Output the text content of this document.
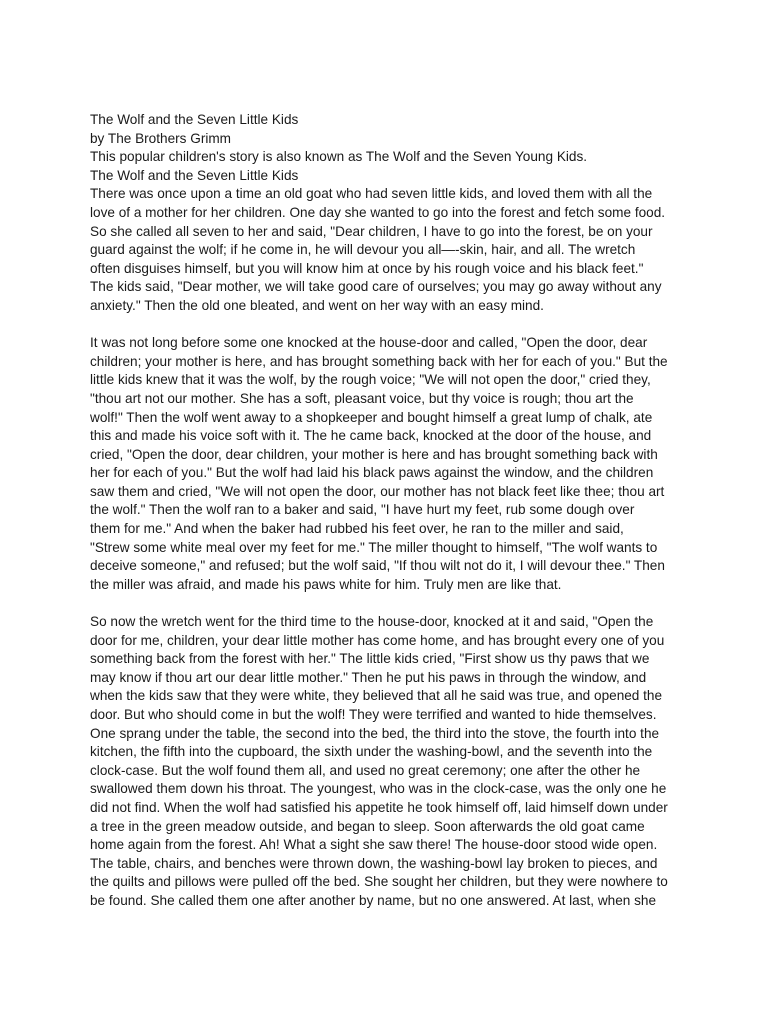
The Wolf and the Seven Little Kids
by The Brothers Grimm
This popular children's story is also known as The Wolf and the Seven Young Kids.
The Wolf and the Seven Little Kids
There was once upon a time an old goat who had seven little kids, and loved them with all the
love of a mother for her children. One day she wanted to go into the forest and fetch some food.
So she called all seven to her and said, "Dear children, I have to go into the forest, be on your
guard against the wolf; if he come in, he will devour you all—-skin, hair, and all. The wretch
often disguises himself, but you will know him at once by his rough voice and his black feet."
The kids said, "Dear mother, we will take good care of ourselves; you may go away without any
anxiety." Then the old one bleated, and went on her way with an easy mind.
It was not long before some one knocked at the house-door and called, "Open the door, dear
children; your mother is here, and has brought something back with her for each of you." But the
little kids knew that it was the wolf, by the rough voice; "We will not open the door," cried they,
"thou art not our mother. She has a soft, pleasant voice, but thy voice is rough; thou art the
wolf!" Then the wolf went away to a shopkeeper and bought himself a great lump of chalk, ate
this and made his voice soft with it. The he came back, knocked at the door of the house, and
cried, "Open the door, dear children, your mother is here and has brought something back with
her for each of you." But the wolf had laid his black paws against the window, and the children
saw them and cried, "We will not open the door, our mother has not black feet like thee; thou art
the wolf." Then the wolf ran to a baker and said, "I have hurt my feet, rub some dough over
them for me." And when the baker had rubbed his feet over, he ran to the miller and said,
"Strew some white meal over my feet for me." The miller thought to himself, "The wolf wants to
deceive someone," and refused; but the wolf said, "If thou wilt not do it, I will devour thee." Then
the miller was afraid, and made his paws white for him. Truly men are like that.
So now the wretch went for the third time to the house-door, knocked at it and said, "Open the
door for me, children, your dear little mother has come home, and has brought every one of you
something back from the forest with her." The little kids cried, "First show us thy paws that we
may know if thou art our dear little mother." Then he put his paws in through the window, and
when the kids saw that they were white, they believed that all he said was true, and opened the
door. But who should come in but the wolf! They were terrified and wanted to hide themselves.
One sprang under the table, the second into the bed, the third into the stove, the fourth into the
kitchen, the fifth into the cupboard, the sixth under the washing-bowl, and the seventh into the
clock-case. But the wolf found them all, and used no great ceremony; one after the other he
swallowed them down his throat. The youngest, who was in the clock-case, was the only one he
did not find. When the wolf had satisfied his appetite he took himself off, laid himself down under
a tree in the green meadow outside, and began to sleep. Soon afterwards the old goat came
home again from the forest. Ah! What a sight she saw there! The house-door stood wide open.
The table, chairs, and benches were thrown down, the washing-bowl lay broken to pieces, and
the quilts and pillows were pulled off the bed. She sought her children, but they were nowhere to
be found. She called them one after another by name, but no one answered. At last, when she
